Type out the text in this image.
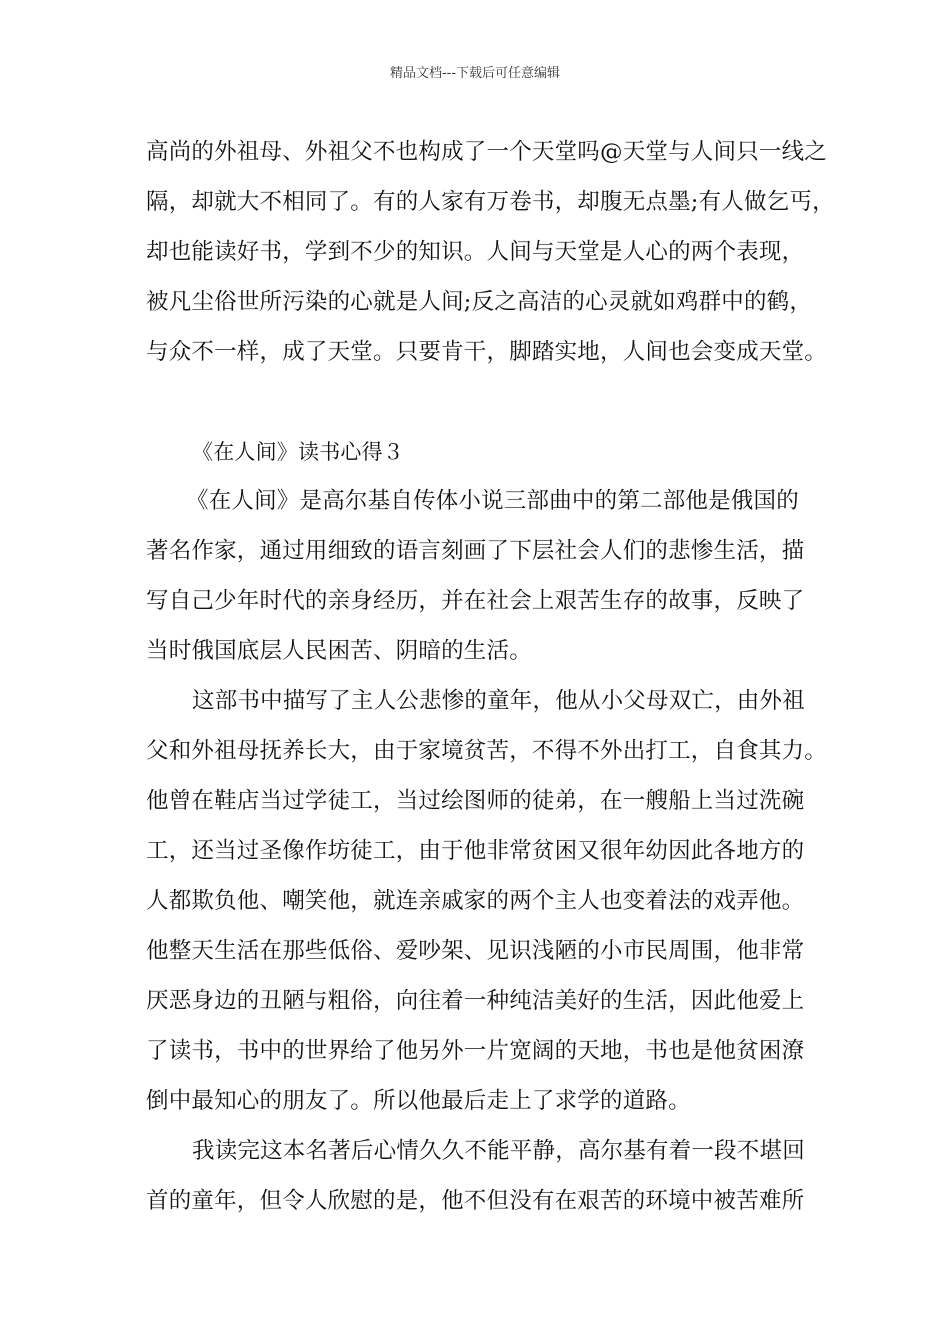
精品文档---下载后可任意编辑
高尚的外祖母、外祖父不也构成了一个天堂吗@天堂与人间只一线之
隔，却就大不相同了。有的人家有万卷书，却腹无点墨;有人做乞丐，
却也能读好书，学到不少的知识。人间与天堂是人心的两个表现，
被凡尘俗世所污染的心就是人间;反之高洁的心灵就如鸡群中的鹤，
与众不一样，成了天堂。只要肯干，脚踏实地，人间也会变成天堂。
《在人间》读书心得３
《在人间》是高尔基自传体小说三部曲中的第二部他是俄国的
著名作家，通过用细致的语言刻画了下层社会人们的悲惨生活，描
写自己少年时代的亲身经历，并在社会上艰苦生存的故事，反映了
当时俄国底层人民困苦、阴暗的生活。
这部书中描写了主人公悲惨的童年，他从小父母双亡，由外祖
父和外祖母抚养长大，由于家境贫苦，不得不外出打工，自食其力。
他曾在鞋店当过学徒工，当过绘图师的徒弟，在一艘船上当过洗碗
工，还当过圣像作坊徒工，由于他非常贫困又很年幼因此各地方的
人都欺负他、嘲笑他，就连亲戚家的两个主人也变着法的戏弄他。
他整天生活在那些低俗、爱吵架、见识浅陋的小市民周围，他非常
厌恶身边的丑陋与粗俗，向往着一种纯洁美好的生活，因此他爱上
了读书，书中的世界给了他另外一片宽阔的天地，书也是他贫困潦
倒中最知心的朋友了。所以他最后走上了求学的道路。
我读完这本名著后心情久久不能平静，高尔基有着一段不堪回
首的童年，但令人欣慰的是，他不但没有在艰苦的环境中被苦难所
